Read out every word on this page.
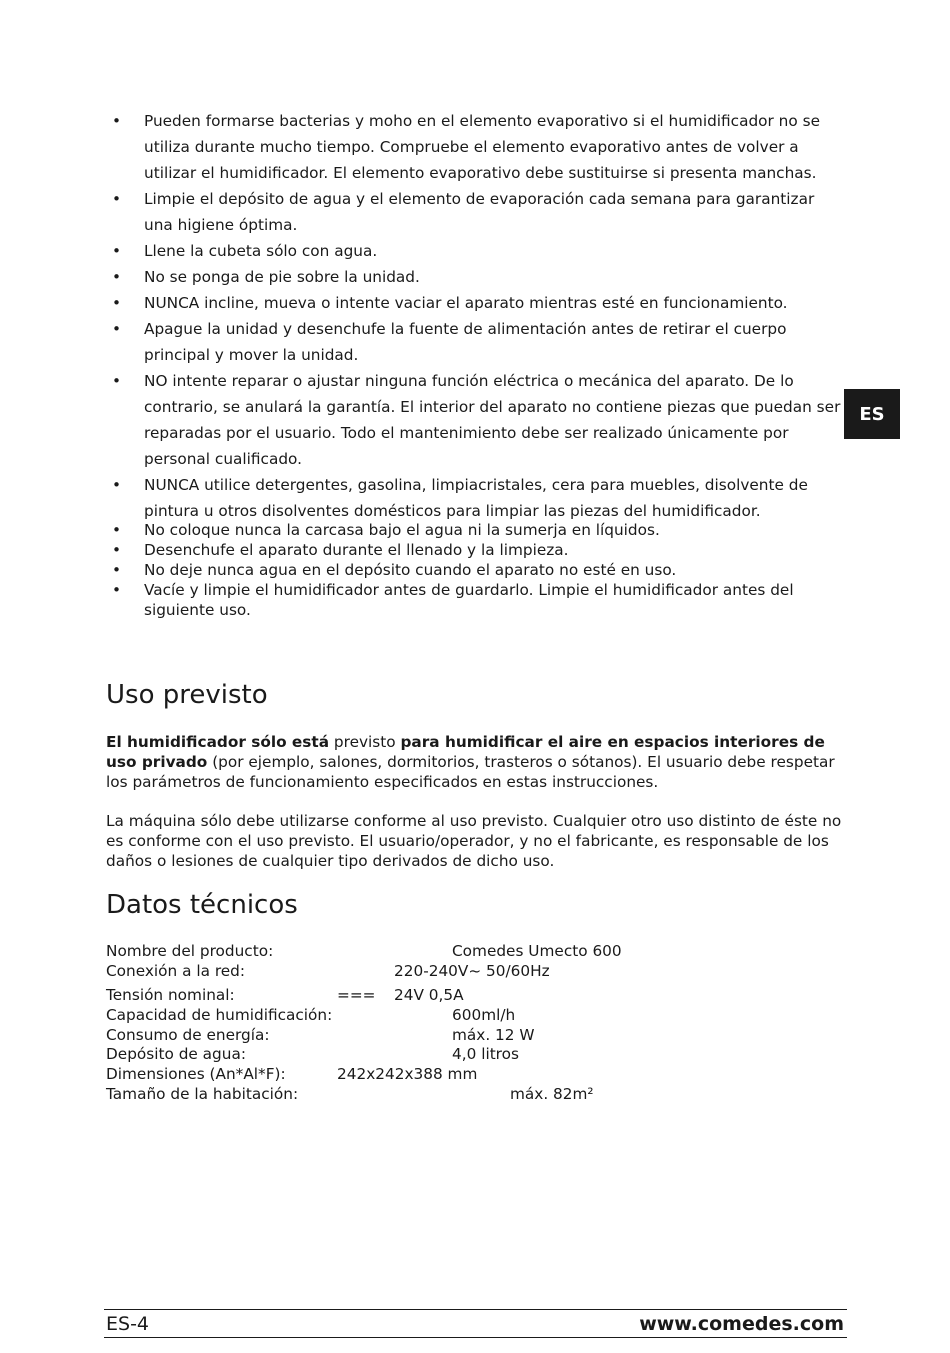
ES
• Pueden formarse bacterias y moho en el elemento evaporativo si el humidificador no se utiliza durante mucho tiempo. Compruebe el elemento evaporativo antes de volver a utilizar el humidificador. El elemento evaporativo debe sustituirse si presenta manchas.
• Limpie el depósito de agua y el elemento de evaporación cada semana para garantizar una higiene óptima.
• Llene la cubeta sólo con agua.
• No se ponga de pie sobre la unidad.
• NUNCA incline, mueva o intente vaciar el aparato mientras esté en funcionamiento.
• Apague la unidad y desenchufe la fuente de alimentación antes de retirar el cuerpo principal y mover la unidad.
• NO intente reparar o ajustar ninguna función eléctrica o mecánica del aparato. De lo contrario, se anulará la garantía. El interior del aparato no contiene piezas que puedan ser reparadas por el usuario. Todo el mantenimiento debe ser realizado únicamente por personal cualificado.
• NUNCA utilice detergentes, gasolina, limpiacristales, cera para muebles, disolvente de pintura u otros disolventes domésticos para limpiar las piezas del humidificador.
• No coloque nunca la carcasa bajo el agua ni la sumerja en líquidos.
• Desenchufe el aparato durante el llenado y la limpieza.
• No deje nunca agua en el depósito cuando el aparato no esté en uso.
• Vacíe y limpie el humidificador antes de guardarlo. Limpie el humidificador antes del siguiente uso.
Uso previsto

El humidificador sólo está previsto para humidificar el aire en espacios interiores de uso privado (por ejemplo, salones, dormitorios, trasteros o sótanos). El usuario debe respetar los parámetros de funcionamiento especificados en estas instrucciones.

La máquina sólo debe utilizarse conforme al uso previsto. Cualquier otro uso distinto de éste no es conforme con el uso previsto. El usuario/operador, y no el fabricante, es responsable de los daños o lesiones de cualquier tipo derivados de dicho uso.

Datos técnicos
Nombre del producto:	Comedes Umecto 600
Conexión a la red:	220-240V~ 50/60Hz
Tensión nominal:	=== 24V 0,5A
Capacidad de humidificación:	600ml/h
Consumo de energía:	máx. 12 W
Depósito de agua:	4,0 litros
Dimensiones (An*Al*F):	242x242x388 mm
Tamaño de la habitación:	máx. 82m²
ES-4	www.comedes.com
